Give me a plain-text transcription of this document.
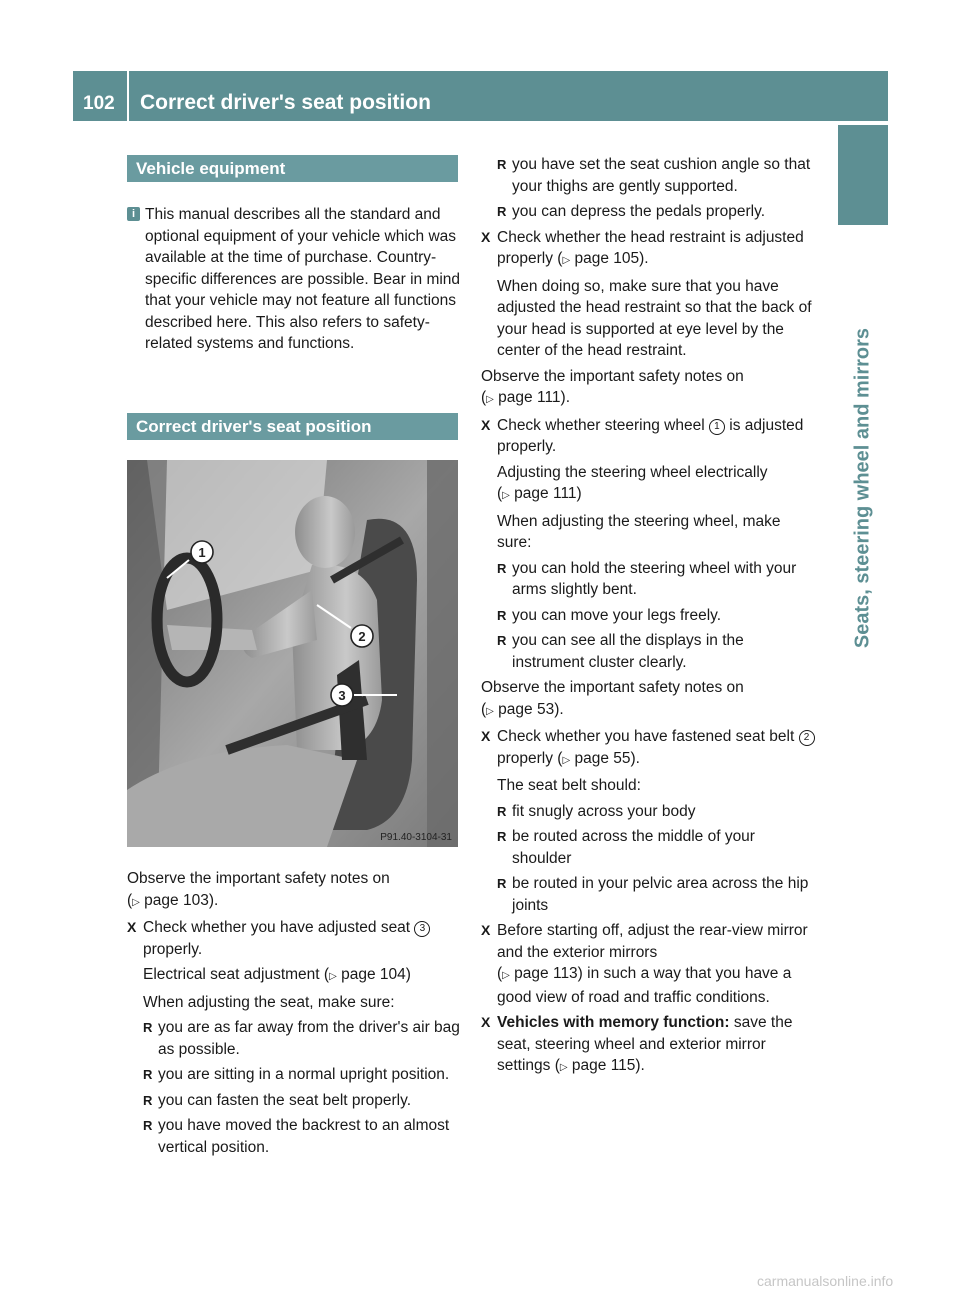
102	Correct driver's seat position
Seats, steering wheel and mirrors
Vehicle equipment
i This manual describes all the standard and optional equipment of your vehicle which was available at the time of purchase. Country-specific differences are possible. Bear in mind that your vehicle may not feature all functions described here. This also refers to safety-related systems and functions.
Correct driver's seat position
1
2
3
P91.40-3104-31

Observe the important safety notes on
(▷ page 103).

X Check whether you have adjusted seat 3 properly.
Electrical seat adjustment (▷ page 104)
When adjusting the seat, make sure:
R you are as far away from the driver's air bag as possible.
R you are sitting in a normal upright position.
R you can fasten the seat belt properly.
R you have moved the backrest to an almost vertical position.
R you have set the seat cushion angle so that your thighs are gently supported.
R you can depress the pedals properly.
X Check whether the head restraint is adjusted properly (▷ page 105).
When doing so, make sure that you have adjusted the head restraint so that the back of your head is supported at eye level by the center of the head restraint.

Observe the important safety notes on
(▷ page 111).

X Check whether steering wheel 1 is adjusted properly.
Adjusting the steering wheel electrically
(▷ page 111)
When adjusting the steering wheel, make sure:
R you can hold the steering wheel with your arms slightly bent.
R you can move your legs freely.
R you can see all the displays in the instrument cluster clearly.

Observe the important safety notes on
(▷ page 53).

X Check whether you have fastened seat belt 2 properly (▷ page 55).
The seat belt should:
R fit snugly across your body
R be routed across the middle of your shoulder
R be routed in your pelvic area across the hip joints
X Before starting off, adjust the rear-view mirror and the exterior mirrors
(▷ page 113) in such a way that you have a good view of road and traffic conditions.
X Vehicles with memory function: save the seat, steering wheel and exterior mirror settings (▷ page 115).
carmanualsonline.info
